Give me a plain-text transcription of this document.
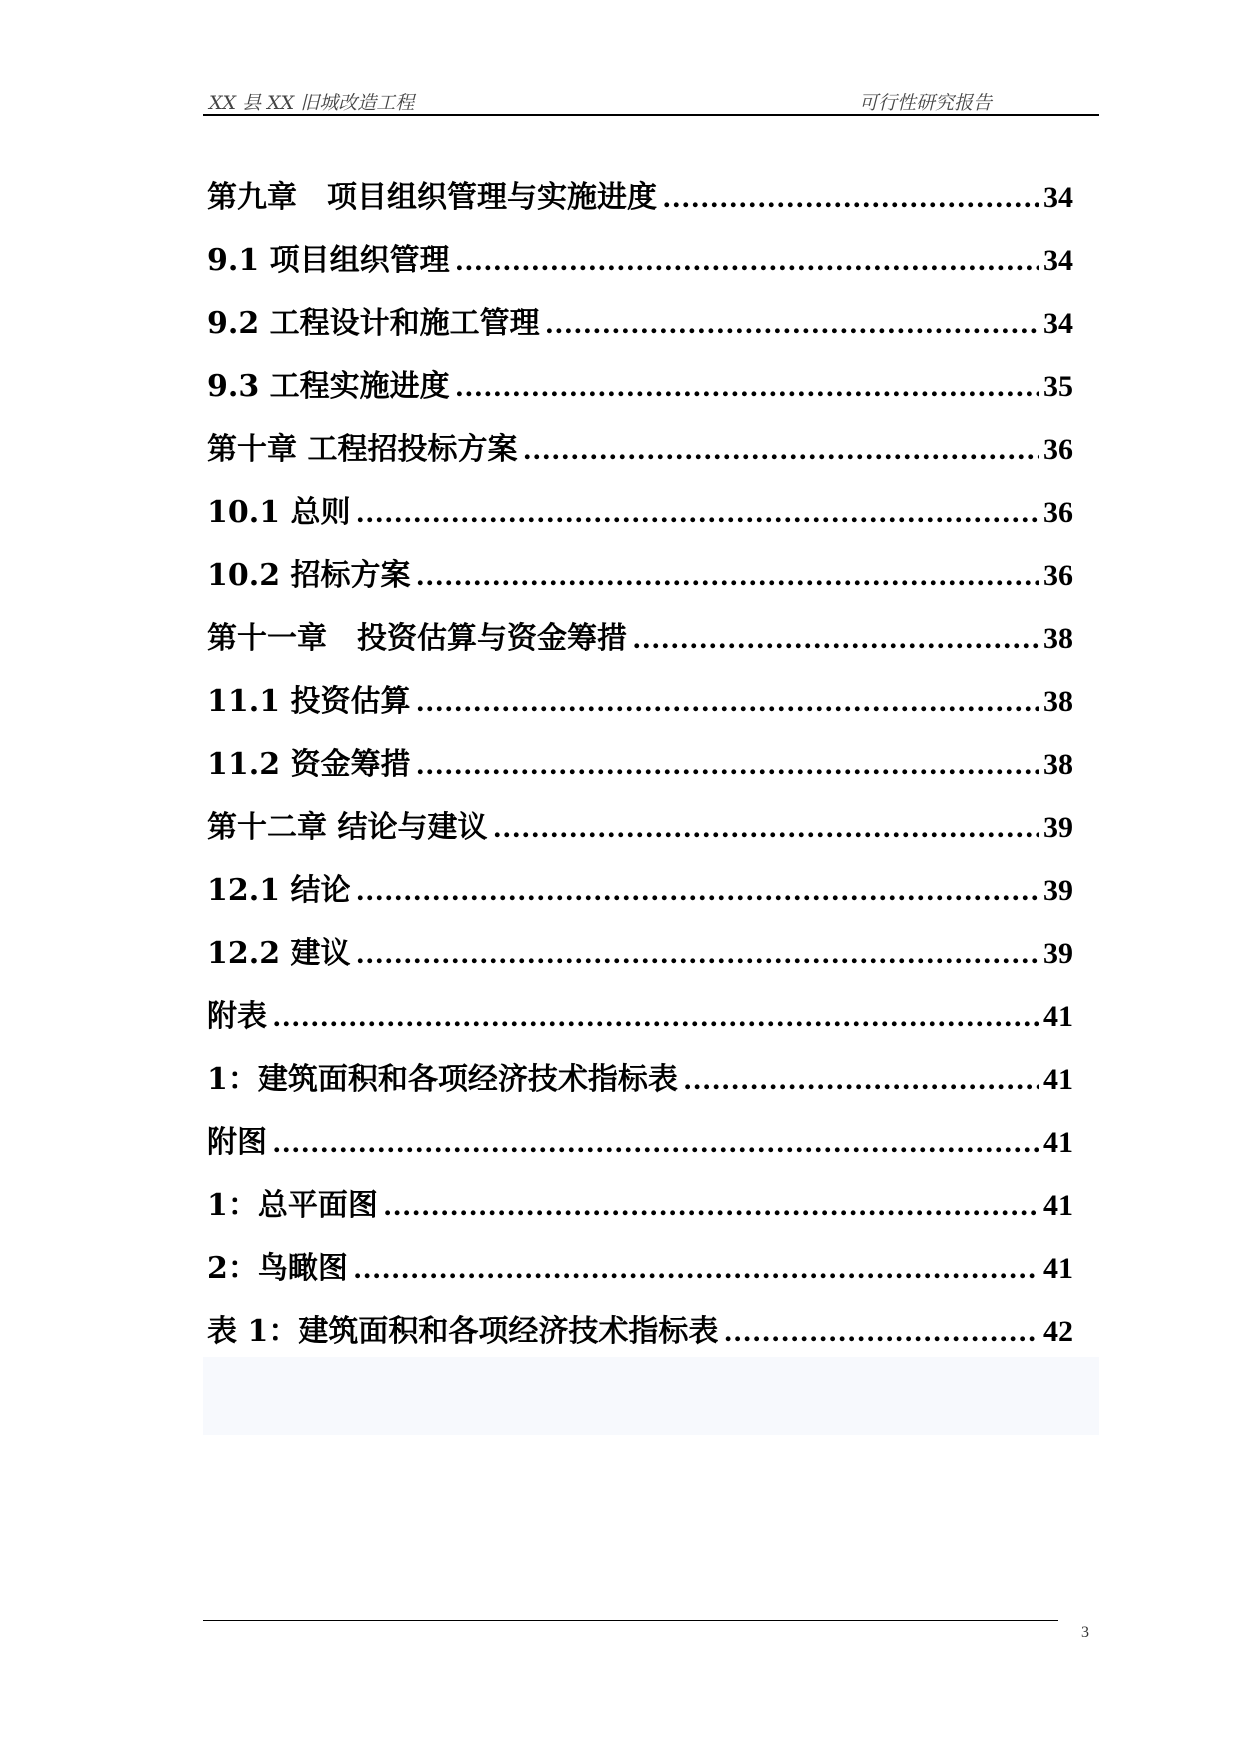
XX 县 XX 旧城改造工程	可行性研究报告
第九章　项目组织管理与实施进度 .....	34
9.1 项目组织管理 .....	34
9.2 工程设计和施工管理 .....	34
9.3 工程实施进度 .....	35
第十章 工程招投标方案 .....	36
10.1 总则 .....	36
10.2 招标方案 .....	36
第十一章　投资估算与资金筹措 .....	38
11.1 投资估算 .....	38
11.2 资金筹措 .....	38
第十二章 结论与建议 .....	39
12.1 结论 .....	39
12.2 建议 .....	39
附表 .....	41
1：建筑面积和各项经济技术指标表 .....	41
附图 .....	41
1：总平面图 .....	41
2：鸟瞰图 .....	41
表 1：建筑面积和各项经济技术指标表 .....	42
3
